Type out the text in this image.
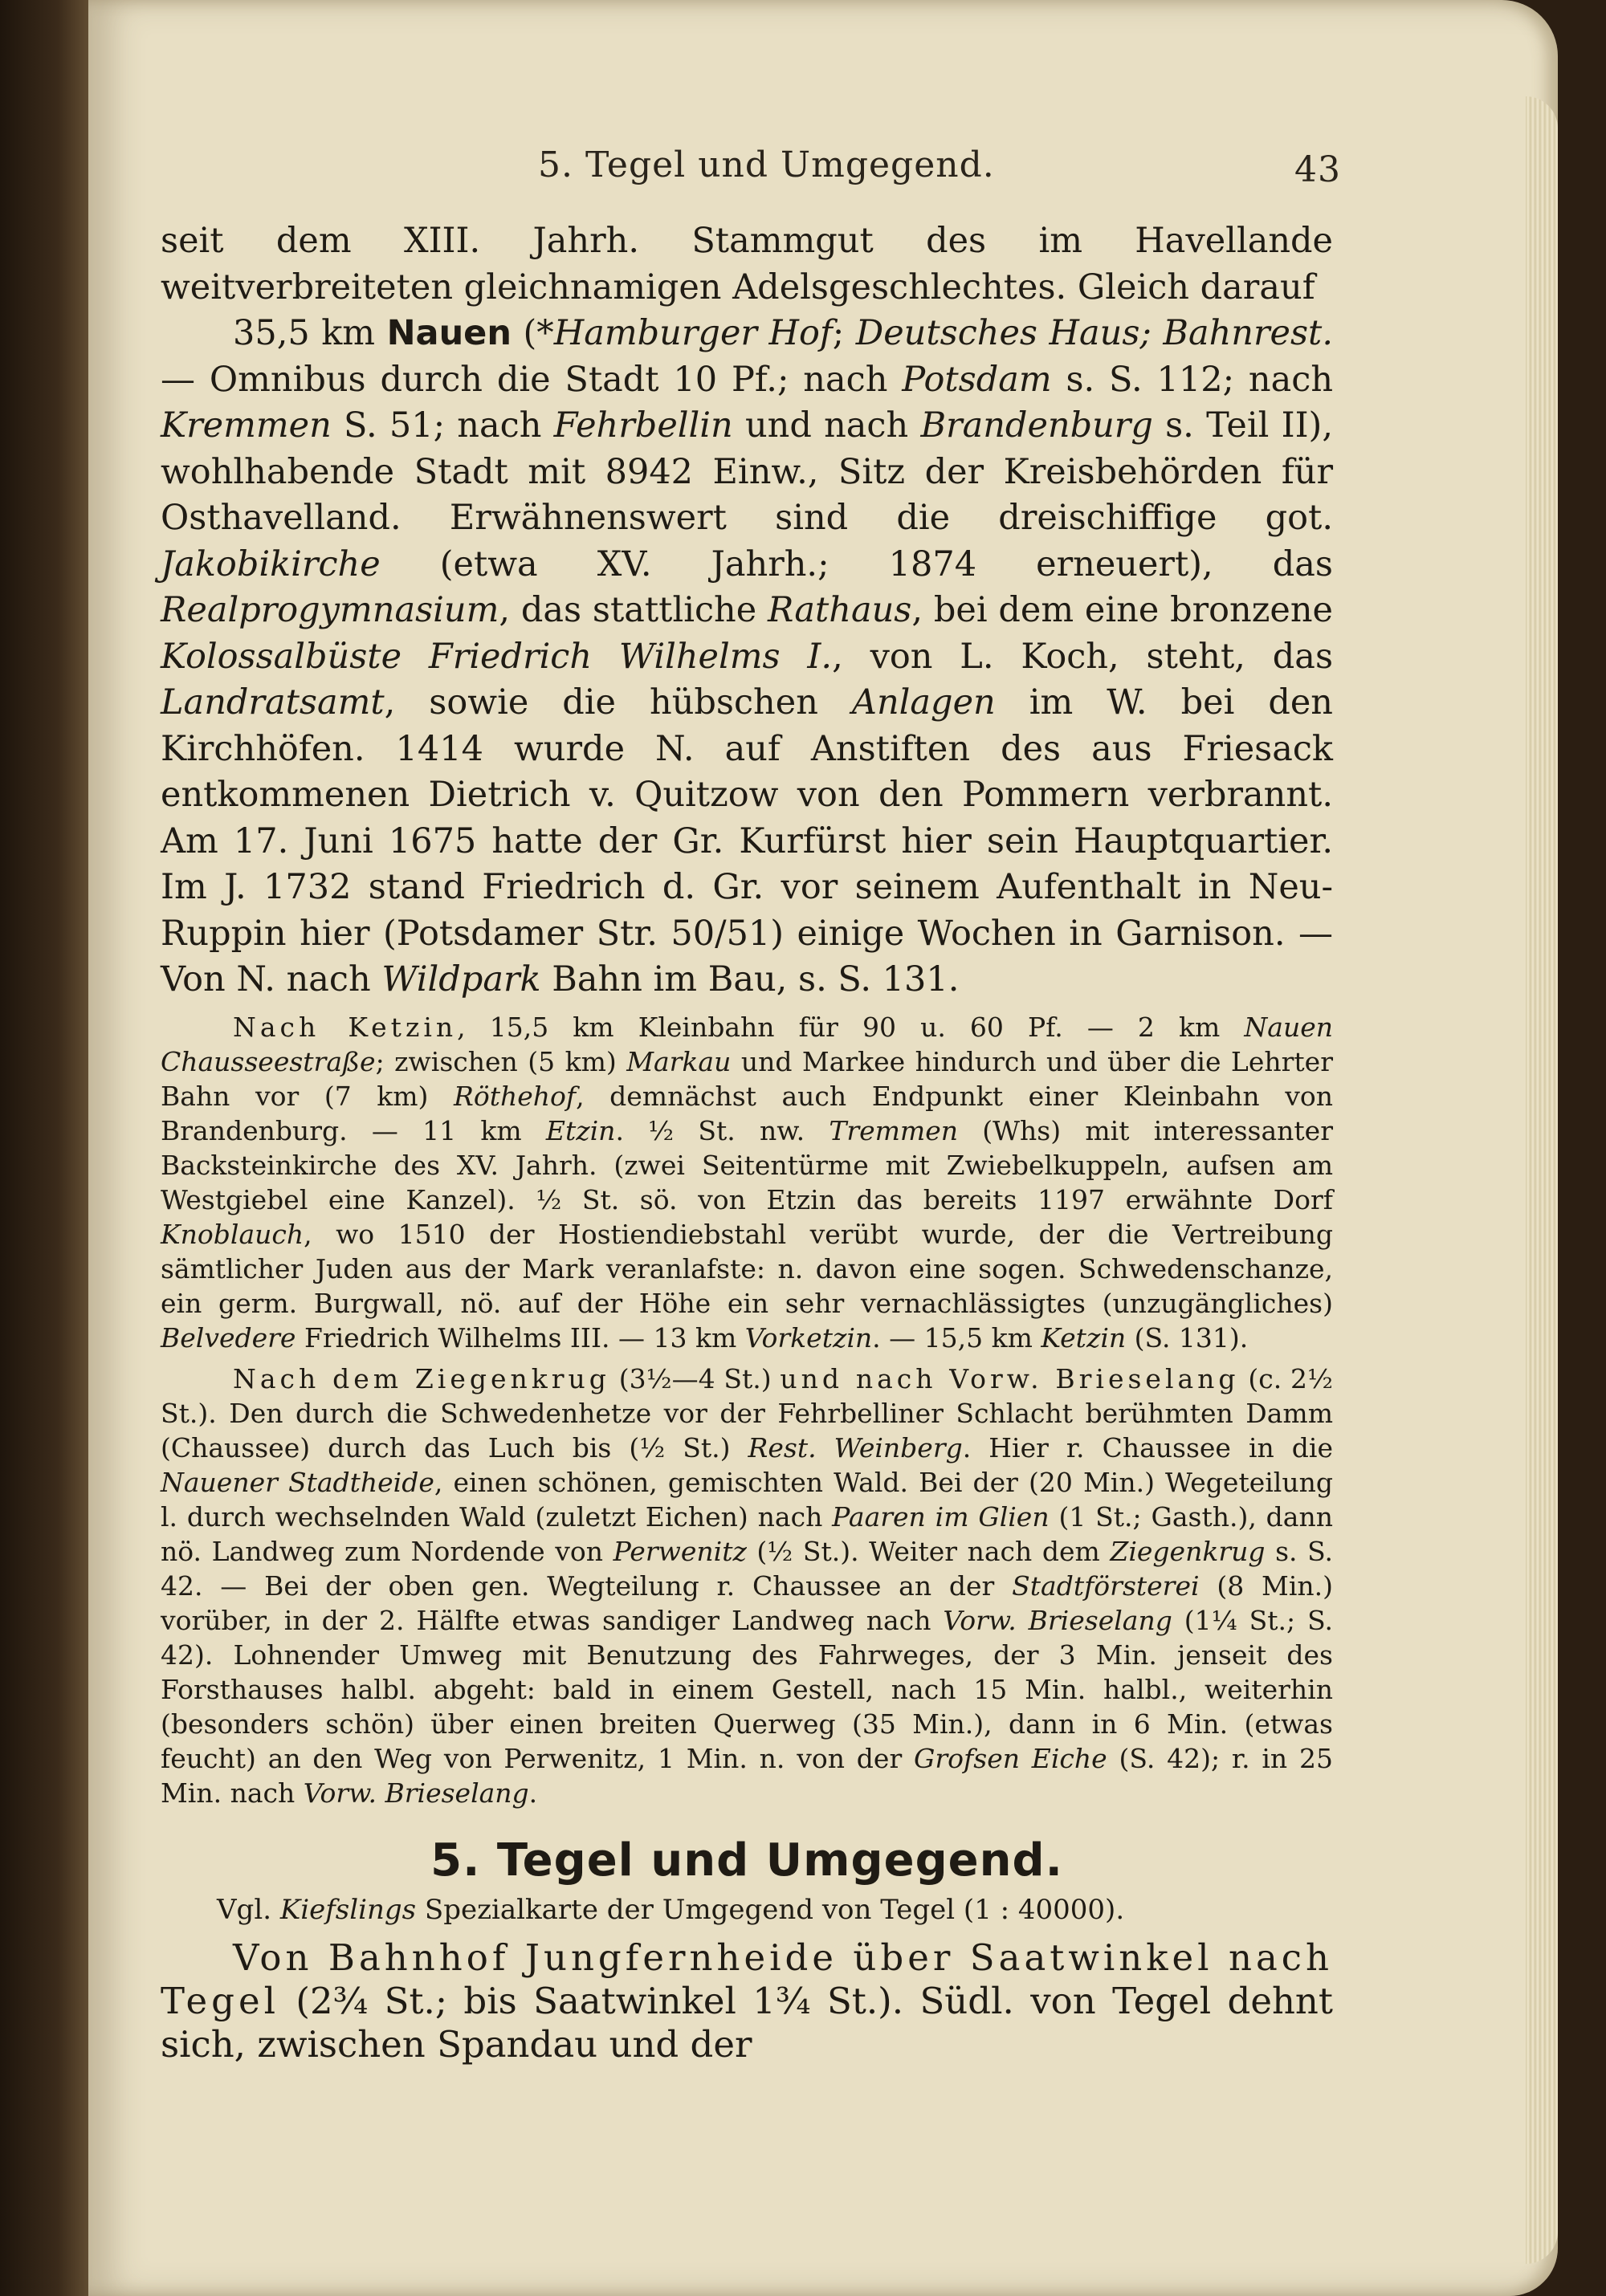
5. Tegel und Umgegend.	43

seit dem XIII. Jahrh. Stammgut des im Havellande weitverbreiteten gleichnamigen Adelsgeschlechtes. Gleich darauf
35,5 km Nauen (*Hamburger Hof; Deutsches Haus; Bahnrest. — Omnibus durch die Stadt 10 Pf.; nach Potsdam s. S. 112; nach Kremmen S. 51; nach Fehrbellin und nach Brandenburg s. Teil II), wohlhabende Stadt mit 8942 Einw., Sitz der Kreisbehörden für Osthavelland. Erwähnenswert sind die dreischiffige got. Jakobikirche (etwa XV. Jahrh.; 1874 erneuert), das Realprogymnasium, das stattliche Rathaus, bei dem eine bronzene Kolossalbüste Friedrich Wilhelms I., von L. Koch, steht, das Landratsamt, sowie die hübschen Anlagen im W. bei den Kirchhöfen. 1414 wurde N. auf Anstiften des aus Friesack entkommenen Dietrich v. Quitzow von den Pommern verbrannt. Am 17. Juni 1675 hatte der Gr. Kurfürst hier sein Hauptquartier. Im J. 1732 stand Friedrich d. Gr. vor seinem Aufenthalt in Neu-Ruppin hier (Potsdamer Str. 50/51) einige Wochen in Garnison. — Von N. nach Wildpark Bahn im Bau, s. S. 131.

Nach Ketzin, 15,5 km Kleinbahn für 90 u. 60 Pf. — 2 km Nauen Chausseestraße; zwischen (5 km) Markau und Markee hindurch und über die Lehrter Bahn vor (7 km) Röthehof, demnächst auch Endpunkt einer Kleinbahn von Brandenburg. — 11 km Etzin. ½ St. nw. Tremmen (Whs) mit interessanter Backsteinkirche des XV. Jahrh. (zwei Seitentürme mit Zwiebelkuppeln, aufsen am Westgiebel eine Kanzel). ½ St. sö. von Etzin das bereits 1197 erwähnte Dorf Knoblauch, wo 1510 der Hostiendiebstahl verübt wurde, der die Vertreibung sämtlicher Juden aus der Mark veranlafste: n. davon eine sogen. Schwedenschanze, ein germ. Burgwall, nö. auf der Höhe ein sehr vernachlässigtes (unzugängliches) Belvedere Friedrich Wilhelms III. — 13 km Vorketzin. — 15,5 km Ketzin (S. 131).

Nach dem Ziegenkrug (3½—4 St.) und nach Vorw. Brieselang (c. 2½ St.). Den durch die Schwedenhetze vor der Fehrbelliner Schlacht berühmten Damm (Chaussee) durch das Luch bis (½ St.) Rest. Weinberg. Hier r. Chaussee in die Nauener Stadtheide, einen schönen, gemischten Wald. Bei der (20 Min.) Wegeteilung l. durch wechselnden Wald (zuletzt Eichen) nach Paaren im Glien (1 St.; Gasth.), dann nö. Landweg zum Nordende von Perwenitz (½ St.). Weiter nach dem Ziegenkrug s. S. 42. — Bei der oben gen. Wegteilung r. Chaussee an der Stadtförsterei (8 Min.) vorüber, in der 2. Hälfte etwas sandiger Landweg nach Vorw. Brieselang (1¼ St.; S. 42). Lohnender Umweg mit Benutzung des Fahrweges, der 3 Min. jenseit des Forsthauses halbl. abgeht: bald in einem Gestell, nach 15 Min. halbl., weiterhin (besonders schön) über einen breiten Querweg (35 Min.), dann in 6 Min. (etwas feucht) an den Weg von Perwenitz, 1 Min. n. von der Grofsen Eiche (S. 42); r. in 25 Min. nach Vorw. Brieselang.

5. Tegel und Umgegend.
Vgl. Kiefslings Spezialkarte der Umgegend von Tegel (1 : 40000).

Von Bahnhof Jungfernheide über Saatwinkel nach Tegel (2¾ St.; bis Saatwinkel 1¾ St.). Südl. von Tegel dehnt sich, zwischen Spandau und der
